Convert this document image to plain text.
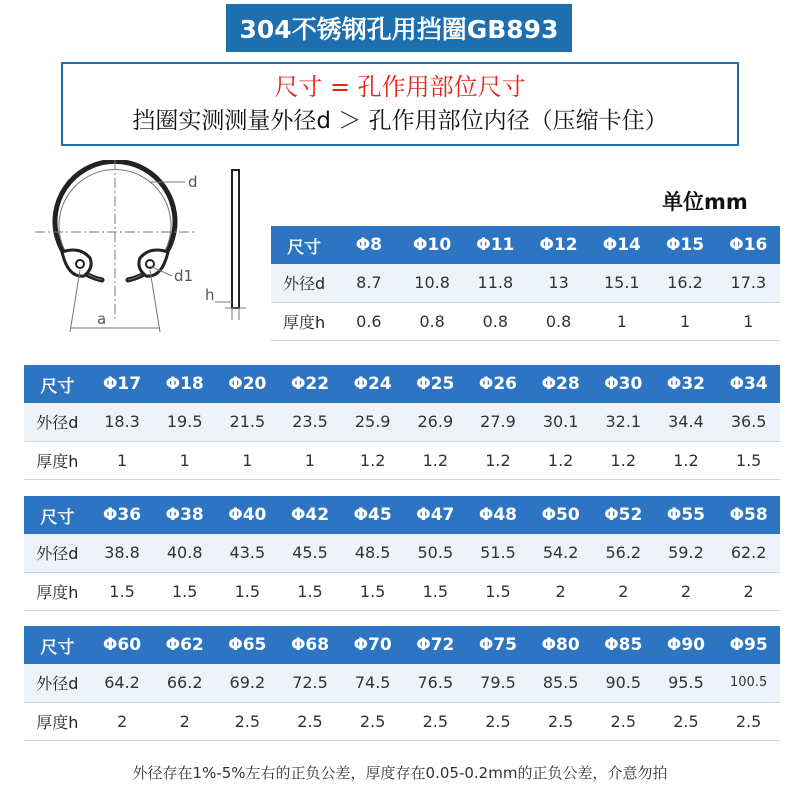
304不锈钢孔用挡圈GB893
尺寸 = 孔作用部位尺寸
挡圈实测测量外径d ＞ 孔作用部位内径（压缩卡住）
d
d1
a
h
单位mm
尺寸	Φ8	Φ10	Φ11	Φ12	Φ14	Φ15	Φ16
外径d	8.7	10.8	11.8	13	15.1	16.2	17.3
厚度h	0.6	0.8	0.8	0.8	1	1	1
尺寸	Φ17	Φ18	Φ20	Φ22	Φ24	Φ25	Φ26	Φ28	Φ30	Φ32	Φ34
外径d	18.3	19.5	21.5	23.5	25.9	26.9	27.9	30.1	32.1	34.4	36.5
厚度h	1	1	1	1	1.2	1.2	1.2	1.2	1.2	1.2	1.5
尺寸	Φ36	Φ38	Φ40	Φ42	Φ45	Φ47	Φ48	Φ50	Φ52	Φ55	Φ58
外径d	38.8	40.8	43.5	45.5	48.5	50.5	51.5	54.2	56.2	59.2	62.2
厚度h	1.5	1.5	1.5	1.5	1.5	1.5	1.5	2	2	2	2
尺寸	Φ60	Φ62	Φ65	Φ68	Φ70	Φ72	Φ75	Φ80	Φ85	Φ90	Φ95
外径d	64.2	66.2	69.2	72.5	74.5	76.5	79.5	85.5	90.5	95.5	100.5
厚度h	2	2	2.5	2.5	2.5	2.5	2.5	2.5	2.5	2.5	2.5
外径存在1%-5%左右的正负公差，厚度存在0.05-0.2mm的正负公差，介意勿拍
